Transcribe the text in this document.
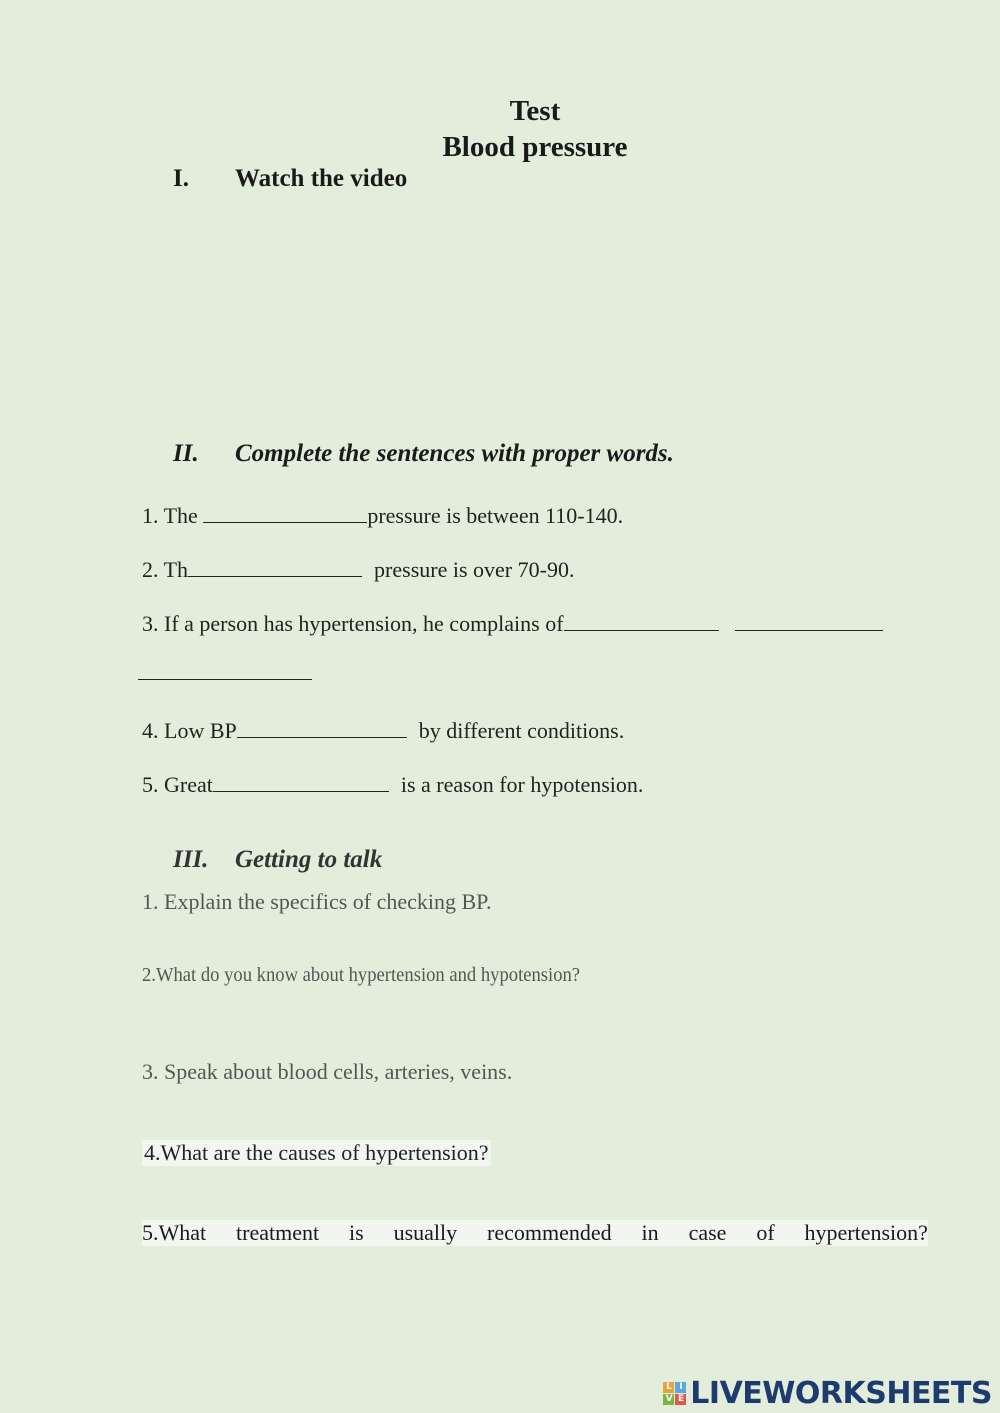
Test
Blood pressure
I. Watch the video
II. Complete the sentences with proper words.
1. The	pressure is between 110-140.
2. Th	pressure is over 70-90.
3. If a person has hypertension, he complains of
4. Low BP	by different conditions.
5. Great	is a reason for hypotension.
III. Getting to talk
1. Explain the specifics of checking BP.
2.What do you know about hypertension and hypotension?
3. Speak about blood cells, arteries, veins.
4.What are the causes of hypertension?
5.What treatment is usually recommended in case of hypertension?
L I
V E LIVEWORKSHEETS
